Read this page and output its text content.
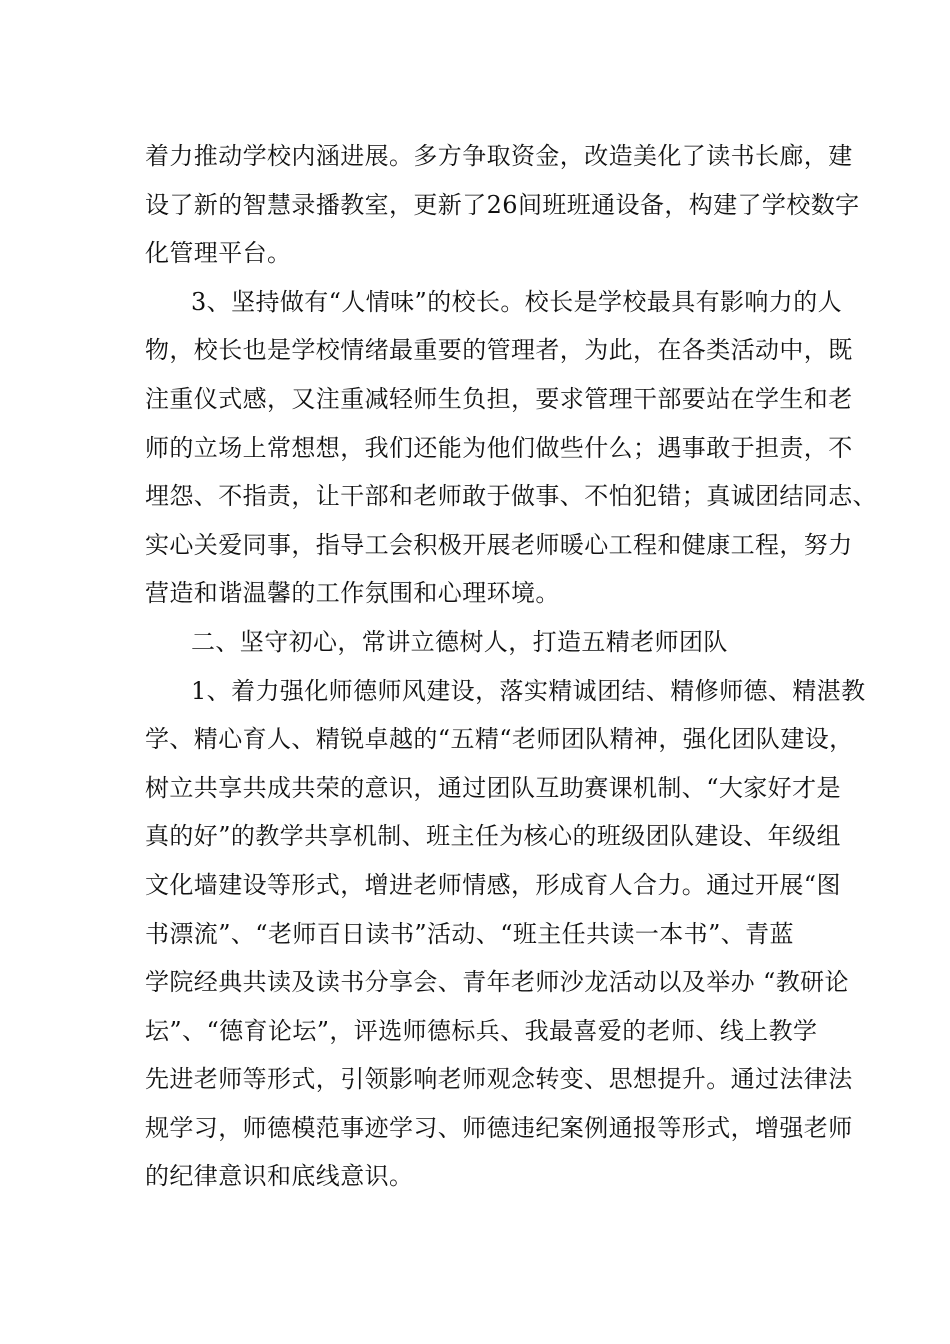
着力推动学校内涵进展。多方争取资金，改造美化了读书长廊，建
设了新的智慧录播教室，更新了26间班班通设备，构建了学校数字
化管理平台。
3、坚持做有“人情味”的校长。校长是学校最具有影响力的人
物，校长也是学校情绪最重要的管理者，为此，在各类活动中，既
注重仪式感，又注重减轻师生负担，要求管理干部要站在学生和老
师的立场上常想想，我们还能为他们做些什么；遇事敢于担责，不
埋怨、不指责，让干部和老师敢于做事、不怕犯错；真诚团结同志、
实心关爱同事，指导工会积极开展老师暖心工程和健康工程，努力
营造和谐温馨的工作氛围和心理环境。
二、坚守初心，常讲立德树人，打造五精老师团队
1、着力强化师德师风建设，落实精诚团结、精修师德、精湛教
学、精心育人、精锐卓越的“五精“老师团队精神，强化团队建设，
树立共享共成共荣的意识，通过团队互助赛课机制、“大家好才是
真的好”的教学共享机制、班主任为核心的班级团队建设、年级组
文化墙建设等形式，增进老师情感，形成育人合力。通过开展“图
书漂流”、“老师百日读书”活动、“班主任共读一本书”、青蓝
学院经典共读及读书分享会、青年老师沙龙活动以及举办 “教研论
坛”、“德育论坛”，评选师德标兵、我最喜爱的老师、线上教学
先进老师等形式，引领影响老师观念转变、思想提升。通过法律法
规学习，师德模范事迹学习、师德违纪案例通报等形式，增强老师
的纪律意识和底线意识。
